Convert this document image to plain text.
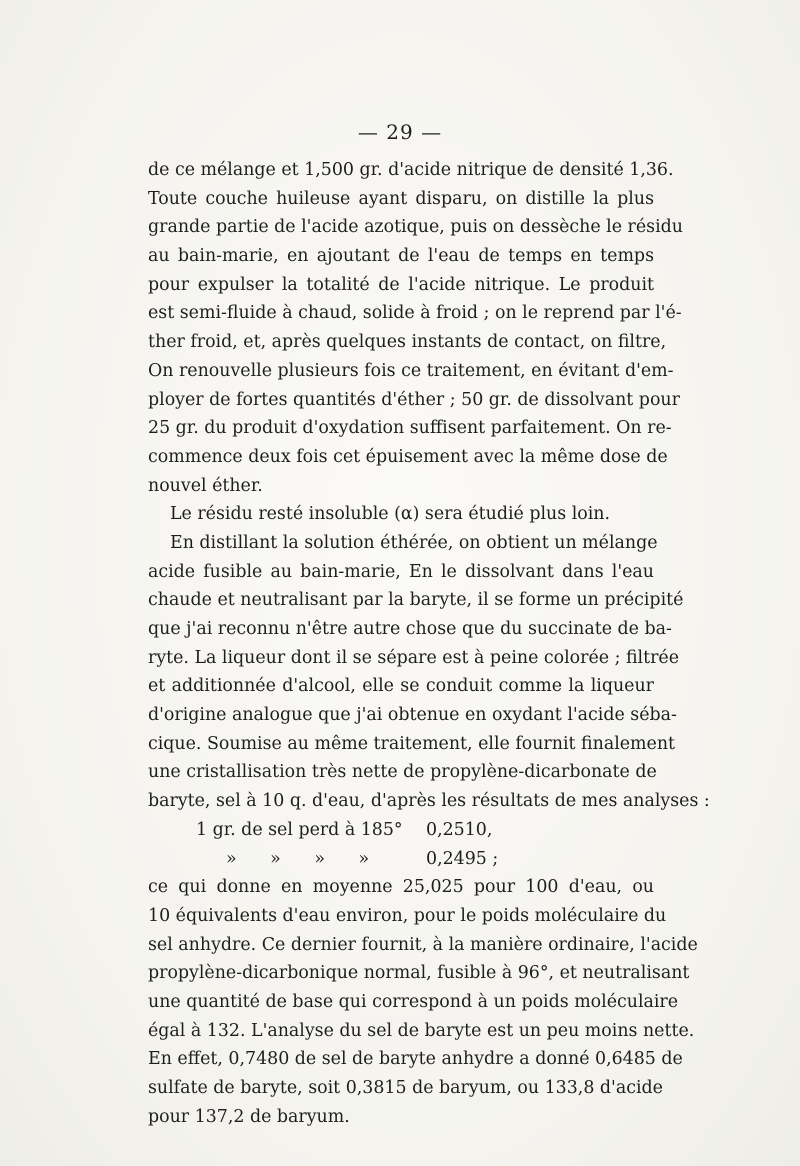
— 29 —
de ce mélange et 1,500 gr. d'acide nitrique de densité 1,36.
Toute couche huileuse ayant disparu, on distille la plus
grande partie de l'acide azotique, puis on dessèche le résidu
au bain-marie, en ajoutant de l'eau de temps en temps
pour expulser la totalité de l'acide nitrique. Le produit
est semi-fluide à chaud, solide à froid ; on le reprend par l'é-
ther froid, et, après quelques instants de contact, on filtre,
On renouvelle plusieurs fois ce traitement, en évitant d'em-
ployer de fortes quantités d'éther ; 50 gr. de dissolvant pour
25 gr. du produit d'oxydation suffisent parfaitement. On re-
commence deux fois cet épuisement avec la même dose de
nouvel éther.
Le résidu resté insoluble (α) sera étudié plus loin.
En distillant la solution éthérée, on obtient un mélange
acide fusible au bain-marie, En le dissolvant dans l'eau
chaude et neutralisant par la baryte, il se forme un précipité
que j'ai reconnu n'être autre chose que du succinate de ba-
ryte. La liqueur dont il se sépare est à peine colorée ; filtrée
et additionnée d'alcool, elle se conduit comme la liqueur
d'origine analogue que j'ai obtenue en oxydant l'acide séba-
cique. Soumise au même traitement, elle fournit finalement
une cristallisation très nette de propylène-dicarbonate de
baryte, sel à 10 q. d'eau, d'après les résultats de mes analyses :
1 gr. de sel perd à 185° 0,2510,
» » » » 0,2495 ;
ce qui donne en moyenne 25,025 pour 100 d'eau, ou
10 équivalents d'eau environ, pour le poids moléculaire du
sel anhydre. Ce dernier fournit, à la manière ordinaire, l'acide
propylène-dicarbonique normal, fusible à 96°, et neutralisant
une quantité de base qui correspond à un poids moléculaire
égal à 132. L'analyse du sel de baryte est un peu moins nette.
En effet, 0,7480 de sel de baryte anhydre a donné 0,6485 de
sulfate de baryte, soit 0,3815 de baryum, ou 133,8 d'acide
pour 137,2 de baryum.
